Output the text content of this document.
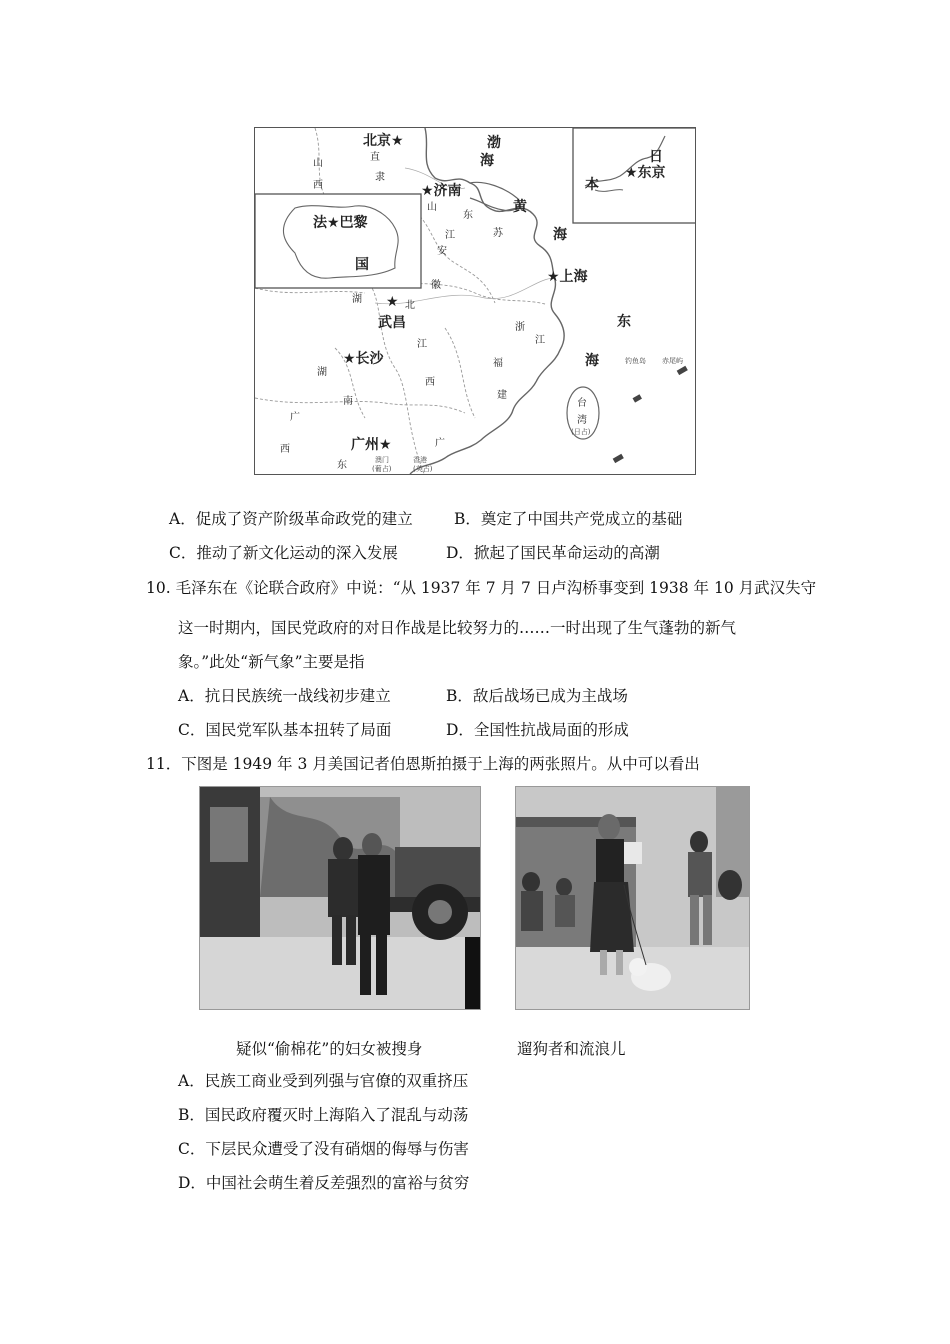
北京★
直
隶
山
西
渤
海
★济南
山
东
黄
海
日
本
★东京
法★巴黎
国
江	苏
安
徽
★上海
湖 ★ 北
武昌	浙
江
东
★长沙
江
西
湖
南
福
建
海	钓鱼岛 赤尾屿
台
湾
(日占)
广
西	广州★	广
东	澳门
(葡占)
香港
(英占)
A．促成了资产阶级革命政党的建立	B．奠定了中国共产党成立的基础
C．推动了新文化运动的深入发展	D．掀起了国民革命运动的高潮
10. 毛泽东在《论联合政府》中说：“从 1937 年 7 月 7 日卢沟桥事变到 1938 年 10 月武汉失守
这一时期内，国民党政府的对日作战是比较努力的……一时出现了生气蓬勃的新气
象。”此处“新气象”主要是指
A．抗日民族统一战线初步建立	B．敌后战场已成为主战场
C．国民党军队基本扭转了局面	D．全国性抗战局面的形成
11．下图是 1949 年 3 月美国记者伯恩斯拍摄于上海的两张照片。从中可以看出
疑似“偷棉花”的妇女被搜身	遛狗者和流浪儿
A．民族工商业受到列强与官僚的双重挤压
B．国民政府覆灭时上海陷入了混乱与动荡
C．下层民众遭受了没有硝烟的侮辱与伤害
D．中国社会萌生着反差强烈的富裕与贫穷
